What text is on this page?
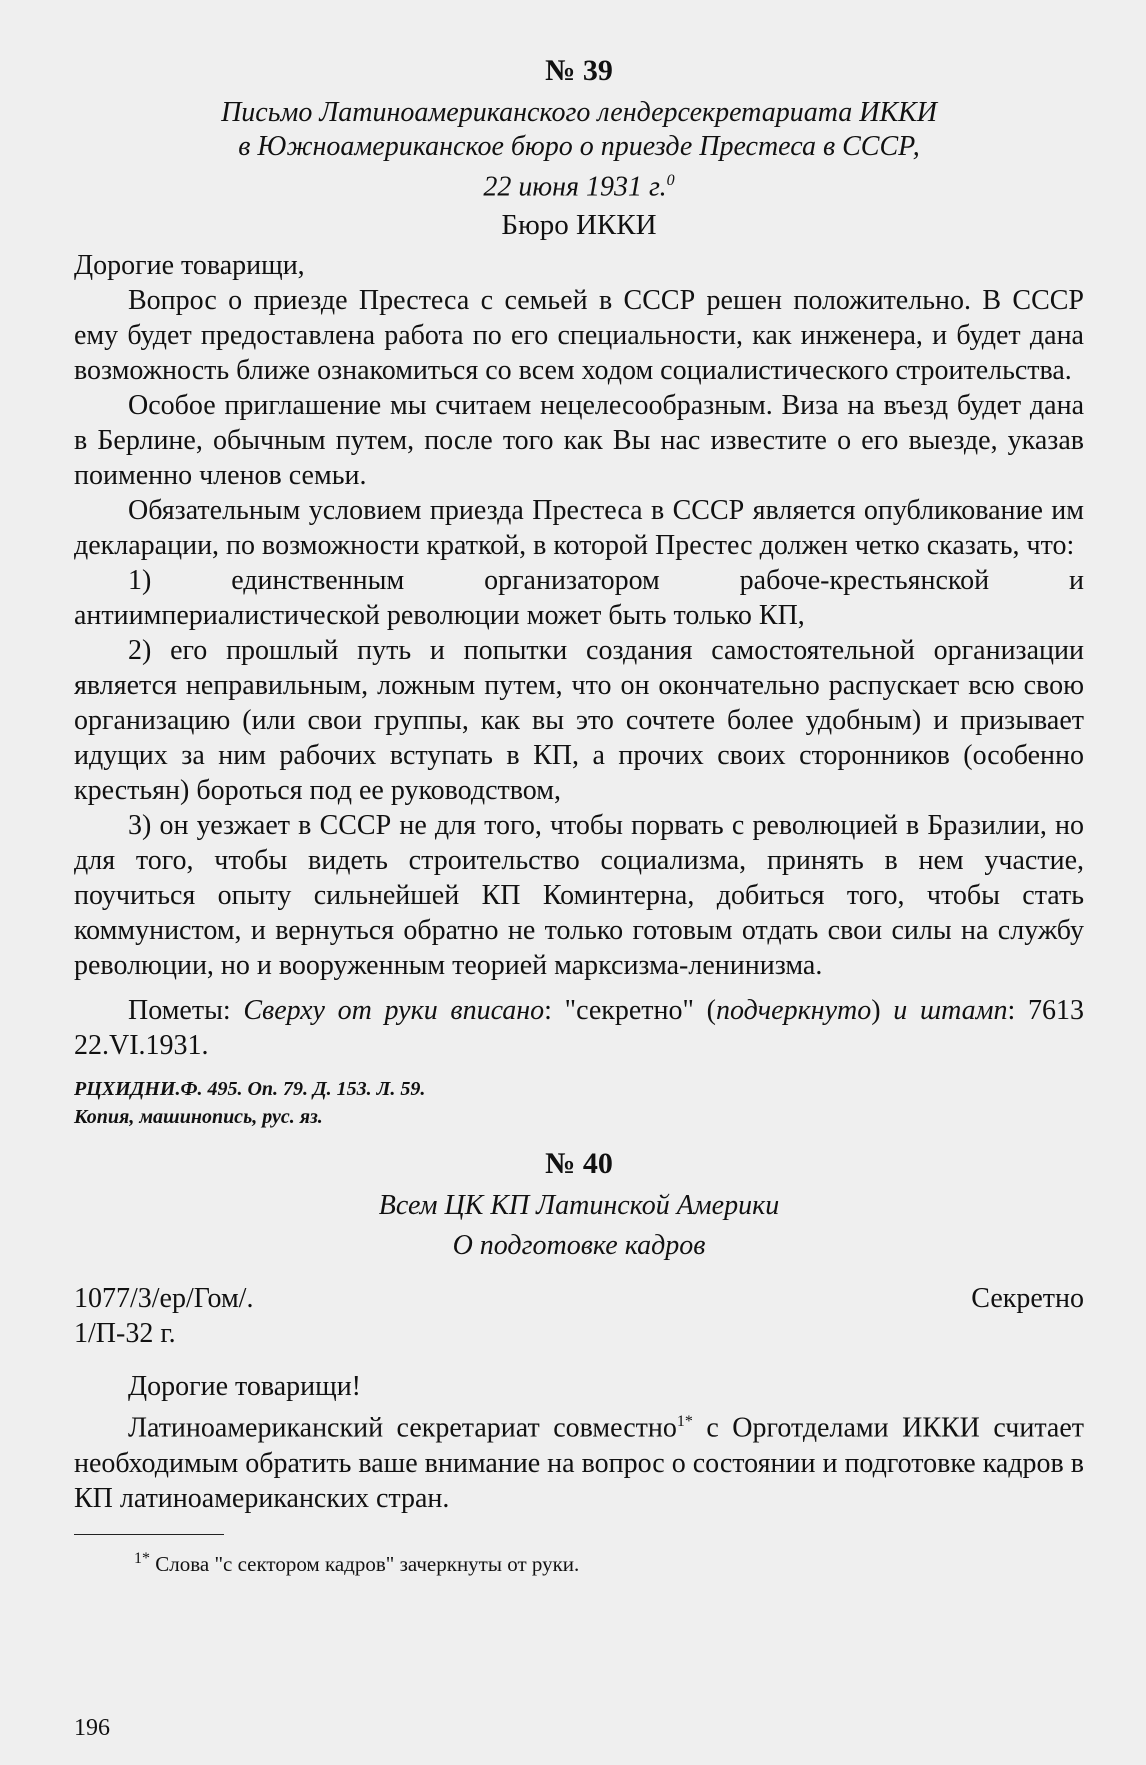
№ 39
Письмо Латиноамериканского лендерсекретариата ИККИ
в Южноамериканское бюро о приезде Престеса в СССР,
22 июня 1931 г.$^0$
Бюро ИККИ
Дорогие товарищи,

Вопрос о приезде Престеса с семьей в СССР решен положительно. В СССР ему будет предоставлена работа по его специальности, как инженера, и будет дана возможность ближе ознакомиться со всем ходом социалистического строительства.

Особое приглашение мы считаем нецелесообразным. Виза на въезд будет дана в Берлине, обычным путем, после того как Вы нас известите о его выезде, указав поименно членов семьи.

Обязательным условием приезда Престеса в СССР является опубликование им декларации, по возможности краткой, в которой Престес должен четко сказать, что:

1) единственным организатором рабоче-крестьянской и антиимпериалистической революции может быть только КП,

2) его прошлый путь и попытки создания самостоятельной организации является неправильным, ложным путем, что он окончательно распускает всю свою организацию (или свои группы, как вы это сочтете более удобным) и призывает идущих за ним рабочих вступать в КП, а прочих своих сторонников (особенно крестьян) бороться под ее руководством,

3) он уезжает в СССР не для того, чтобы порвать с революцией в Бразилии, но для того, чтобы видеть строительство социализма, принять в нем участие, поучиться опыту сильнейшей КП Коминтерна, добиться того, чтобы стать коммунистом, и вернуться обратно не только готовым отдать свои силы на службу революции, но и вооруженным теорией марксизма-ленинизма.

Пометы: Сверху от руки вписано: "секретно" (подчеркнуто) и штамп: 7613 22.VI.1931.

РЦХИДНИ.Ф. 495. Оп. 79. Д. 153. Л. 59.
Копия, машинопись, рус. яз.
№ 40
Всем ЦК КП Латинской Америки
О подготовке кадров
1077/3/ер/Гом/.	Секретно
1/П-32 г.

Дорогие товарищи!

Латиноамериканский секретариат совместно$^{1*}$ с Орготделами ИККИ считает необходимым обратить ваше внимание на вопрос о состоянии и подготовке кадров в КП латиноамериканских стран.

$^{1*}$ Слова "с сектором кадров" зачеркнуты от руки.
196
